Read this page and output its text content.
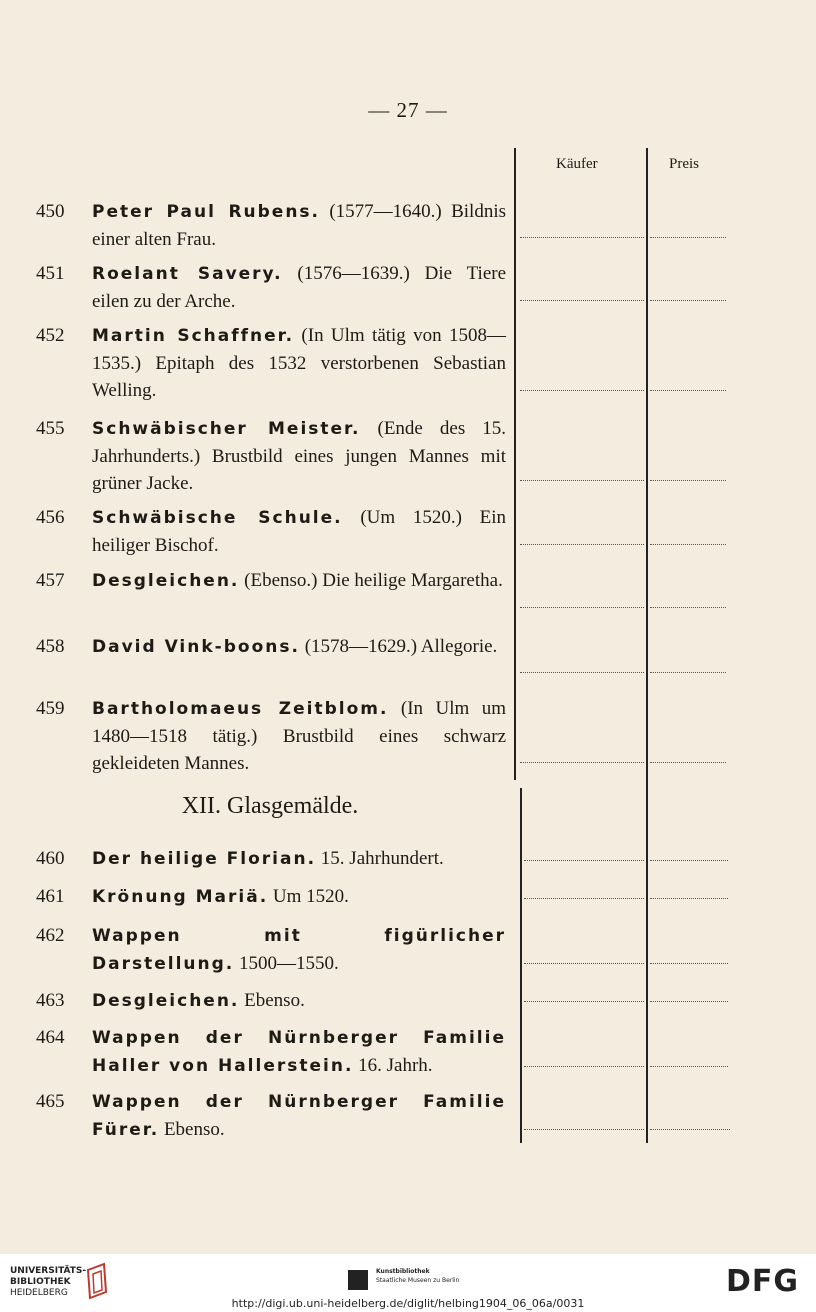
— 27 —
Käufer	Preis
450	Peter Paul Rubens. (1577—1640.) Bildnis einer alten Frau.
451	Roelant Savery. (1576—1639.) Die Tiere eilen zu der Arche.
452	Martin Schaffner. (In Ulm tätig von 1508—1535.) Epitaph des 1532 verstorbenen Sebastian Welling.
455	Schwäbischer Meister. (Ende des 15. Jahrhunderts.) Brustbild eines jungen Mannes mit grüner Jacke.
456	Schwäbische Schule. (Um 1520.) Ein heiliger Bischof.
457	Desgleichen. (Ebenso.) Die heilige Margaretha.
458	David Vink-boons. (1578—1629.) Allegorie.
459	Bartholomaeus Zeitblom. (In Ulm um 1480—1518 tätig.) Brustbild eines schwarz gekleideten Mannes.
XII. Glasgemälde.
460	Der heilige Florian. 15. Jahrhundert.
461	Krönung Mariä. Um 1520.
462	Wappen mit figürlicher Darstellung. 1500—1550.
463	Desgleichen. Ebenso.
464	Wappen der Nürnberger Familie Haller von Hallerstein. 16. Jahrh.
465	Wappen der Nürnberger Familie Fürer. Ebenso.
UNIVERSITÄTS-
BIBLIOTHEK
HEIDELBERG
Kunstbibliothek
Staatliche Museen zu Berlin	DFG
http://digi.ub.uni-heidelberg.de/diglit/helbing1904_06_06a/0031
